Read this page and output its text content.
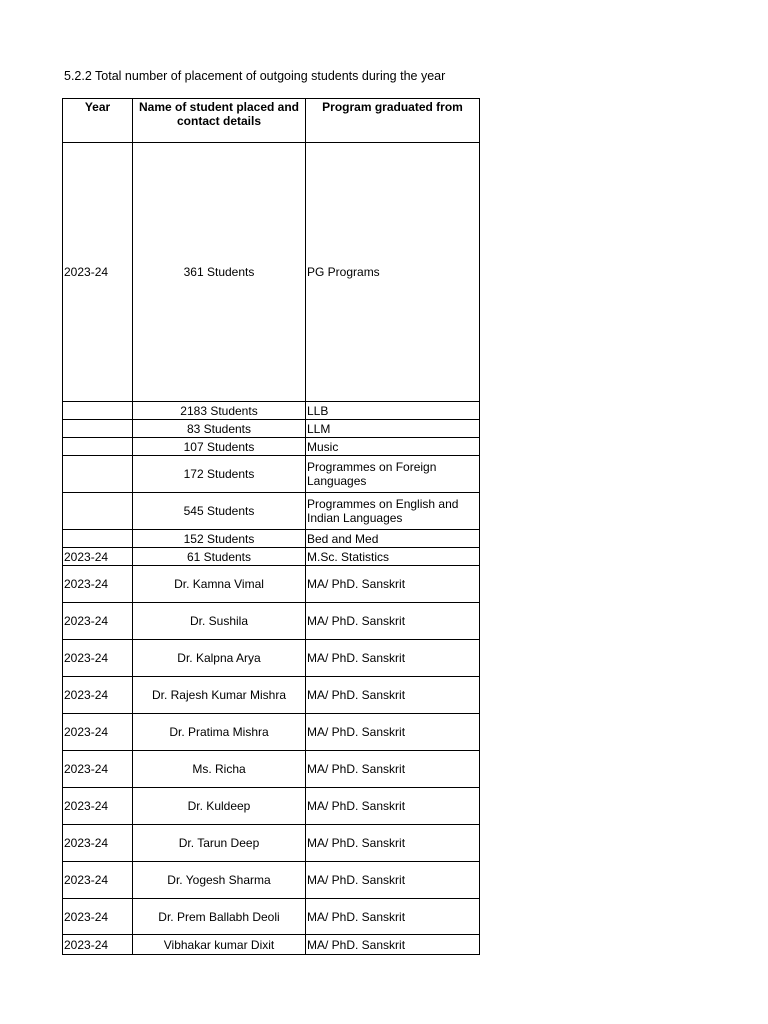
5.2.2 Total number of placement of outgoing students during the year
Year	Name of student placed and contact details	Program graduated from
2023-24	361 Students	PG Programs
	2183 Students	LLB
	83 Students	LLM
	107 Students	Music
	172 Students	Programmes on Foreign Languages
	545 Students	Programmes on English and Indian Languages
	152 Students	Bed and Med
2023-24	61 Students	M.Sc. Statistics
2023-24	Dr. Kamna Vimal	MA/ PhD. Sanskrit
2023-24	Dr. Sushila	MA/ PhD. Sanskrit
2023-24	Dr. Kalpna Arya	MA/ PhD. Sanskrit
2023-24	Dr. Rajesh Kumar Mishra	MA/ PhD. Sanskrit
2023-24	Dr. Pratima Mishra	MA/ PhD. Sanskrit
2023-24	Ms. Richa	MA/ PhD. Sanskrit
2023-24	Dr. Kuldeep	MA/ PhD. Sanskrit
2023-24	Dr. Tarun Deep	MA/ PhD. Sanskrit
2023-24	Dr. Yogesh Sharma	MA/ PhD. Sanskrit
2023-24	Dr. Prem Ballabh Deoli	MA/ PhD. Sanskrit
2023-24	Vibhakar kumar Dixit	MA/ PhD. Sanskrit
